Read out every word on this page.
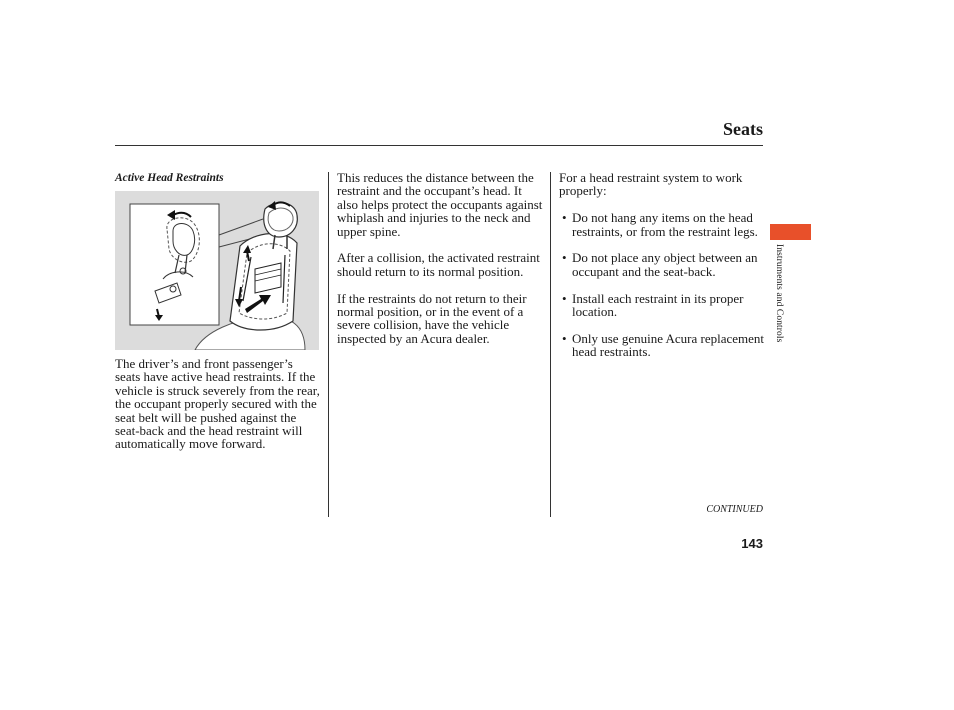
Seats
Instruments and Controls

Active Head Restraints

The driver’s and front passenger’s seats have active head restraints. If the vehicle is struck severely from the rear, the occupant properly secured with the seat belt will be pushed against the seat-back and the head restraint will automatically move forward.

This reduces the distance between the restraint and the occupant’s head. It also helps protect the occupants against whiplash and injuries to the neck and upper spine.

After a collision, the activated restraint should return to its normal position.

If the restraints do not return to their normal position, or in the event of a severe collision, have the vehicle inspected by an Acura dealer.

For a head restraint system to work properly:

• Do not hang any items on the head restraints, or from the restraint legs.
• Do not place any object between an occupant and the seat-back.
• Install each restraint in its proper location.
• Only use genuine Acura replacement head restraints.

CONTINUED

143
